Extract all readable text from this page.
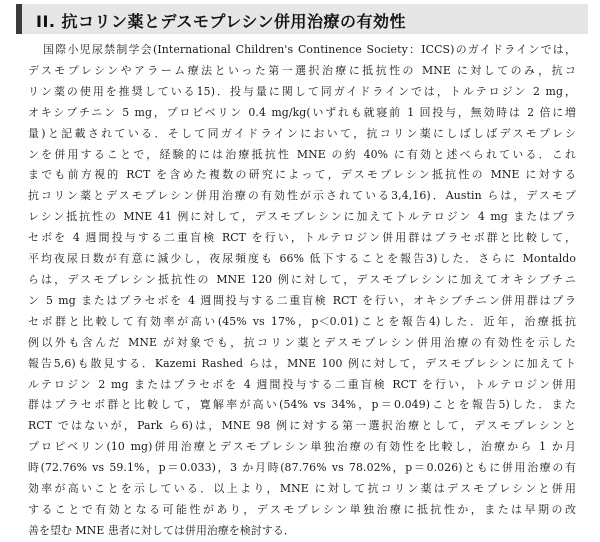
II. 抗コリン薬とデスモプレシン併用治療の有効性
国際小児尿禁制学会(International Children's Continence Society：ICCS)のガイドラインでは，
デスモプレシンやアラーム療法といった第一選択治療に抵抗性の MNE に対してのみ，抗コ
リン薬の使用を推奨している15)．投与量に関して同ガイドラインでは，トルテロジン 2 mg，
オキシブチニン 5 mg，プロピベリン 0.4 mg/kg(いずれも就寝前 1 回投与，無効時は 2 倍に増
量)と記載されている．そして同ガイドラインにおいて，抗コリン薬にしばしばデスモプレシ
ンを併用することで，経験的には治療抵抗性 MNE の約 40% に有効と述べられている．これ
までも前方視的 RCT を含めた複数の研究によって，デスモプレシン抵抗性の MNE に対する
抗コリン薬とデスモプレシン併用治療の有効性が示されている3,4,16)．Austin らは，デスモプ
レシン抵抗性の MNE 41 例に対して，デスモプレシンに加えてトルテロジン 4 mg またはプラ
セボを 4 週間投与する二重盲検 RCT を行い，トルテロジン併用群はプラセボ群と比較して，
平均夜尿日数が有意に減少し，夜尿頻度も 66% 低下することを報告3)した．さらに Montaldo
らは，デスモプレシン抵抗性の MNE 120 例に対して，デスモプレシンに加えてオキシブチニ
ン 5 mg またはプラセボを 4 週間投与する二重盲検 RCT を行い，オキシブチニン併用群はプラ
セボ群と比較して有効率が高い(45% vs 17%，p＜0.01)ことを報告4)した．近年，治療抵抗
例以外も含んだ MNE が対象でも，抗コリン薬とデスモプレシン併用治療の有効性を示した
報告5,6)も散見する．Kazemi Rashed らは，MNE 100 例に対して，デスモプレシンに加えてト
ルテロジン 2 mg またはプラセボを 4 週間投与する二重盲検 RCT を行い，トルテロジン併用
群はプラセボ群と比較して，寛解率が高い(54% vs 34%，p＝0.049)ことを報告5)した．また
RCT ではないが，Park ら6)は，MNE 98 例に対する第一選択治療として，デスモプレシンと
プロピベリン(10 mg)併用治療とデスモプレシン単独治療の有効性を比較し，治療から 1 か月
時(72.76% vs 59.1%，p＝0.033)，3 か月時(87.76% vs 78.02%，p＝0.026)ともに併用治療の有
効率が高いことを示している．以上より，MNE に対して抗コリン薬はデスモプレシンと併用
することで有効となる可能性があり，デスモプレシン単独治療に抵抗性か，または早期の改
善を望む MNE 患者に対しては併用治療を検討する．
